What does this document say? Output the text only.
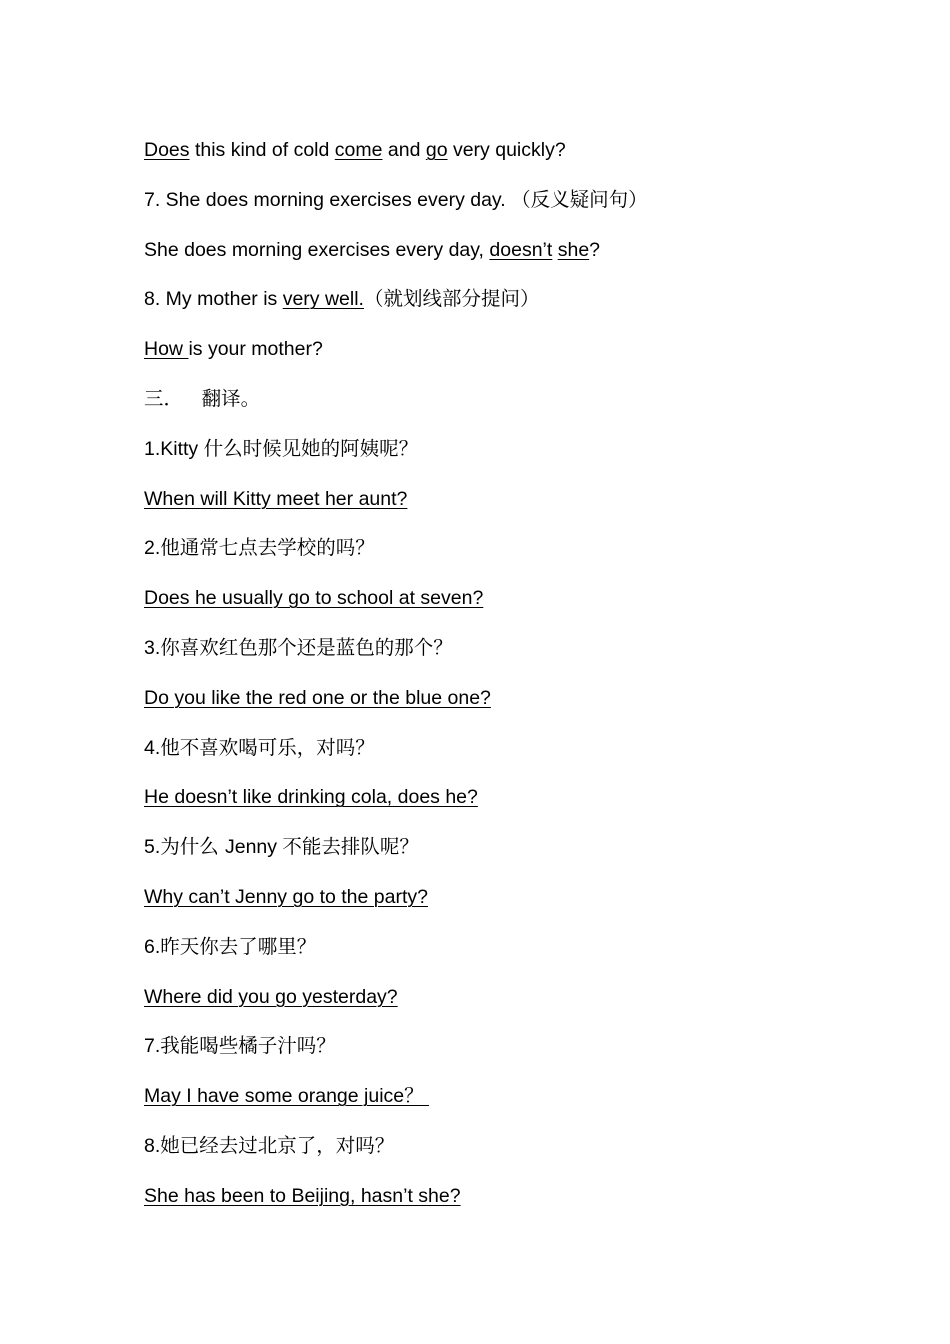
Does this kind of cold come and go very quickly?
7. She does morning exercises every day. （反义疑问句）
She does morning exercises every day, doesn’t she?
8. My mother is very well.（就划线部分提问）
How is your mother?
三．   翻译。
1.Kitty 什么时候见她的阿姨呢？
When will Kitty meet her aunt?
2.他通常七点去学校的吗？
Does he usually go to school at seven?
3.你喜欢红色那个还是蓝色的那个？
Do you like the red one or the blue one?
4.他不喜欢喝可乐，对吗？
He doesn’t like drinking cola, does he?
5.为什么 Jenny 不能去排队呢？
Why can’t Jenny go to the party?
6.昨天你去了哪里？
Where did you go yesterday?
7.我能喝些橘子汁吗？
May I have some orange juice？
8.她已经去过北京了，对吗？
She has been to Beijing, hasn’t she?
